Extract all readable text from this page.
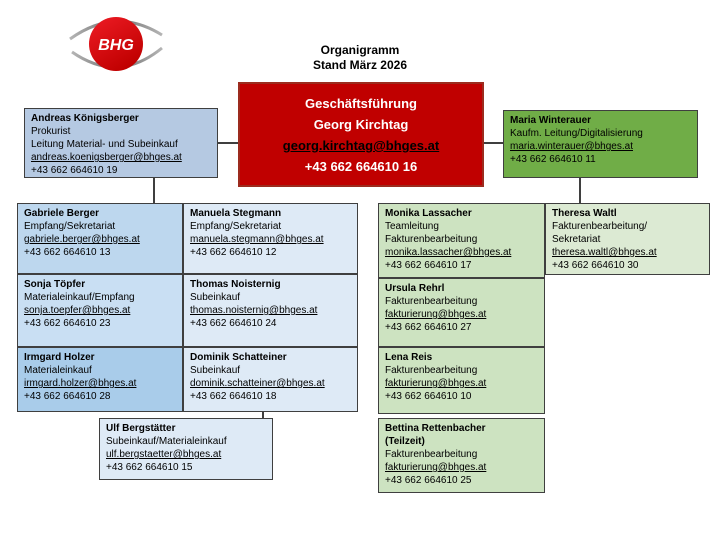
BHG	Organigramm
Stand März 2026
Geschäftsführung
Georg Kirchtag
georg.kirchtag@bhges.at
+43 662 664610 16
Andreas Königsberger
Prokurist
Leitung Material- und Subeinkauf
andreas.koenigsberger@bhges.at
+43 662 664610 19
Maria Winterauer
Kaufm. Leitung/Digitalisierung
maria.winterauer@bhges.at
+43 662 664610 11
Gabriele Berger
Empfang/Sekretariat
gabriele.berger@bhges.at
+43 662 664610 13
Manuela Stegmann
Empfang/Sekretariat
manuela.stegmann@bhges.at
+43 662 664610 12
Sonja Töpfer
Materialeinkauf/Empfang
sonja.toepfer@bhges.at
+43 662 664610 23
Thomas Noisternig
Subeinkauf
thomas.noisternig@bhges.at
+43 662 664610 24
Irmgard Holzer
Materialeinkauf
irmgard.holzer@bhges.at
+43 662 664610 28
Dominik Schatteiner
Subeinkauf
dominik.schatteiner@bhges.at
+43 662 664610 18
Ulf Bergstätter
Subeinkauf/Materialeinkauf
ulf.bergstaetter@bhges.at
+43 662 664610 15
Monika Lassacher
Teamleitung
Fakturenbearbeitung
monika.lassacher@bhges.at
+43 662 664610 17
Theresa Waltl
Fakturenbearbeitung/
Sekretariat
theresa.waltl@bhges.at
+43 662 664610 30
Ursula Rehrl
Fakturenbearbeitung
fakturierung@bhges.at
+43 662 664610 27
Lena Reis
Fakturenbearbeitung
fakturierung@bhges.at
+43 662 664610 10
Bettina Rettenbacher
(Teilzeit)
Fakturenbearbeitung
fakturierung@bhges.at
+43 662 664610 25
